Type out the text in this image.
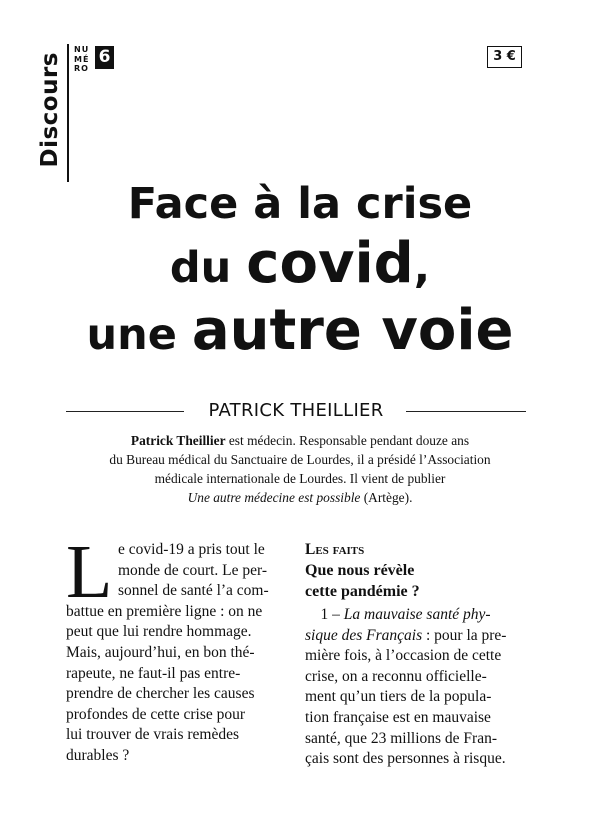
Discours
NU
MÉ
RO
6	3 €
Face à la crise
du covid,
une autre voie
PATRICK THEILLIER

Patrick Theillier est médecin. Responsable pendant douze ans

du Bureau médical du Sanctuaire de Lourdes, il a présidé l’Association

médicale internationale de Lourdes. Il vient de publier

Une autre médecine est possible (Artège).

L e covid-19 a pris tout le
monde de court. Le per-
sonnel de santé l’a com-
battue en première ligne : on ne
peut que lui rendre hommage.
Mais, aujourd’hui, en bon thé-
rapeute, ne faut-il pas entre-
prendre de chercher les causes
profondes de cette crise pour
lui trouver de vrais remèdes
durables ?
Les faits
Que nous révèle
cette pandémie ?
1 – La mauvaise santé phy-
sique des Français : pour la pre-
mière fois, à l’occasion de cette
crise, on a reconnu officielle-
ment qu’un tiers de la popula-
tion française est en mauvaise
santé, que 23 millions de Fran-
çais sont des personnes à risque.
